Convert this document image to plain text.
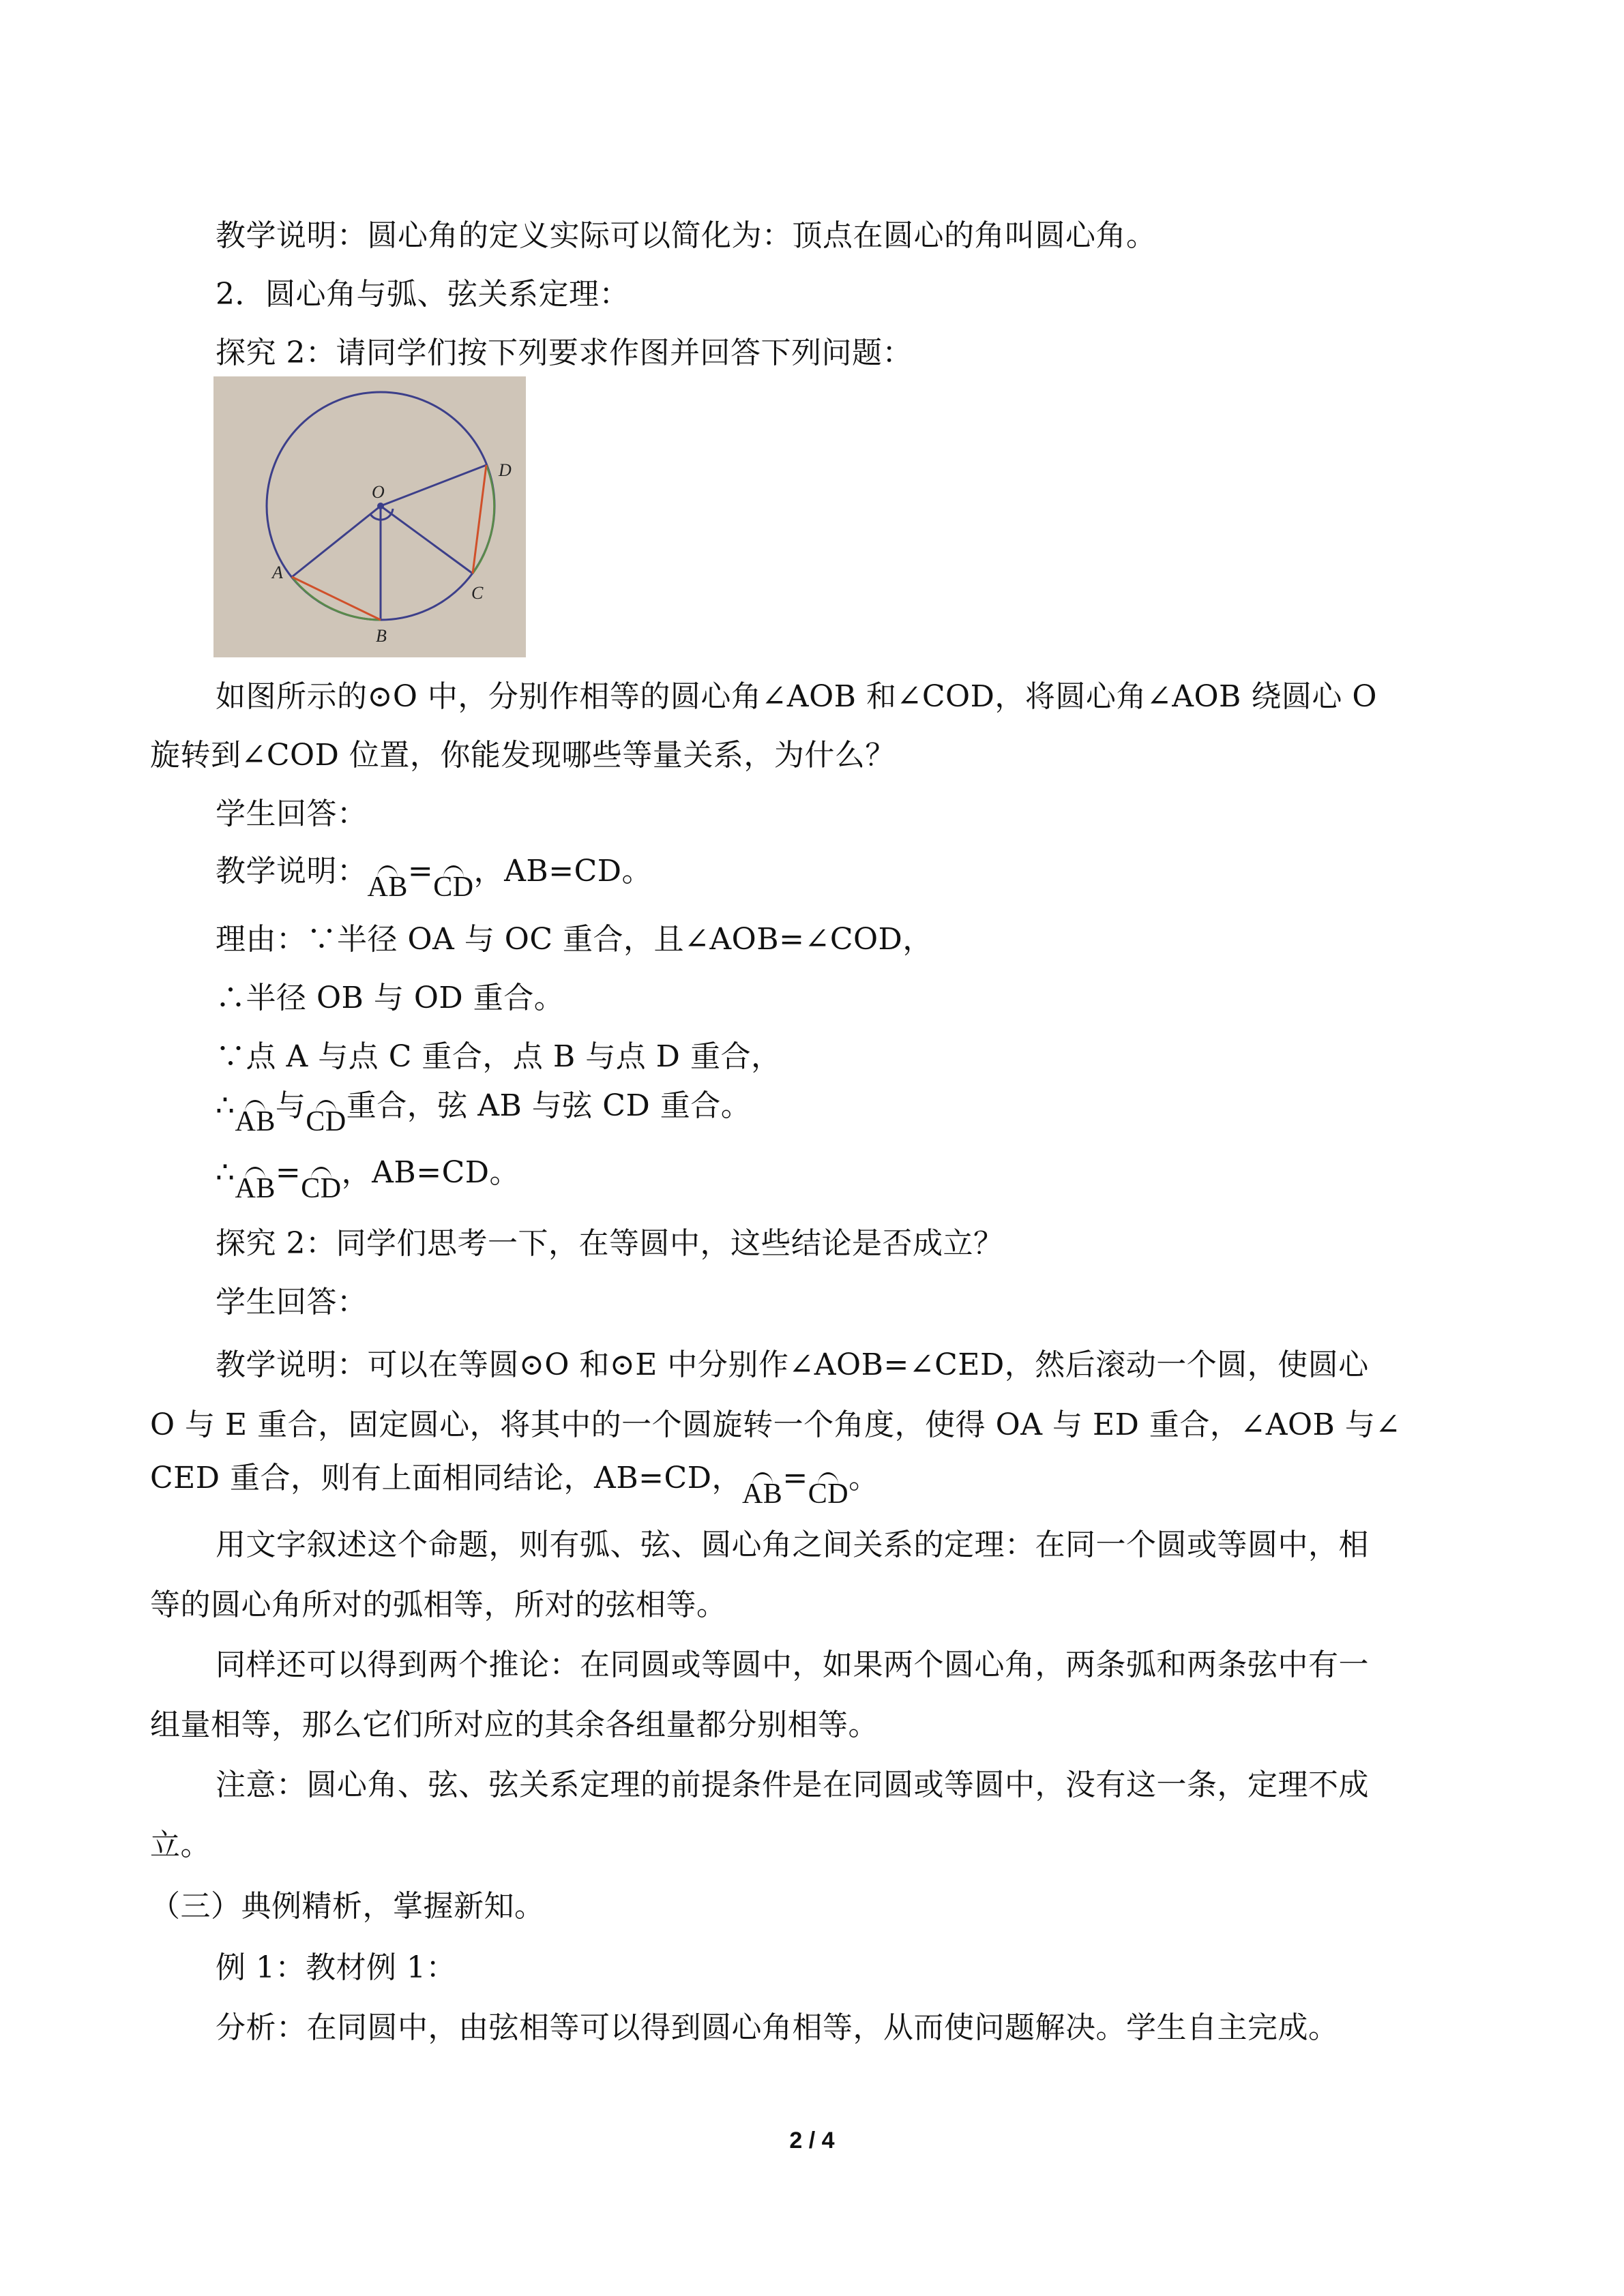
教学说明：圆心角的定义实际可以简化为：顶点在圆心的角叫圆心角。
2．圆心角与弧、弦关系定理：
探究 2：请同学们按下列要求作图并回答下列问题：
O
A
B
C
D
如图所示的⊙O 中，分别作相等的圆心角∠AOB 和∠COD，将圆心角∠AOB 绕圆心 O
旋转到∠COD 位置，你能发现哪些等量关系，为什么？
学生回答：
教学说明：AB=CD，AB=CD。
理由：∵半径 OA 与 OC 重合，且∠AOB=∠COD，
∴半径 OB 与 OD 重合。
∵点 A 与点 C 重合，点 B 与点 D 重合，
∴AB与CD重合，弦 AB 与弦 CD 重合。
∴AB=CD，AB=CD。
探究 2：同学们思考一下，在等圆中，这些结论是否成立？
学生回答：
教学说明：可以在等圆⊙O 和⊙E 中分别作∠AOB=∠CED，然后滚动一个圆，使圆心
O 与 E 重合，固定圆心，将其中的一个圆旋转一个角度，使得 OA 与 ED 重合，∠AOB 与∠
CED 重合，则有上面相同结论，AB=CD，AB=CD。
用文字叙述这个命题，则有弧、弦、圆心角之间关系的定理：在同一个圆或等圆中，相
等的圆心角所对的弧相等，所对的弦相等。
同样还可以得到两个推论：在同圆或等圆中，如果两个圆心角，两条弧和两条弦中有一
组量相等，那么它们所对应的其余各组量都分别相等。
注意：圆心角、弦、弦关系定理的前提条件是在同圆或等圆中，没有这一条，定理不成
立。
（三）典例精析，掌握新知。
例 1：教材例 1：
分析：在同圆中，由弦相等可以得到圆心角相等，从而使问题解决。学生自主完成。
2 / 4
